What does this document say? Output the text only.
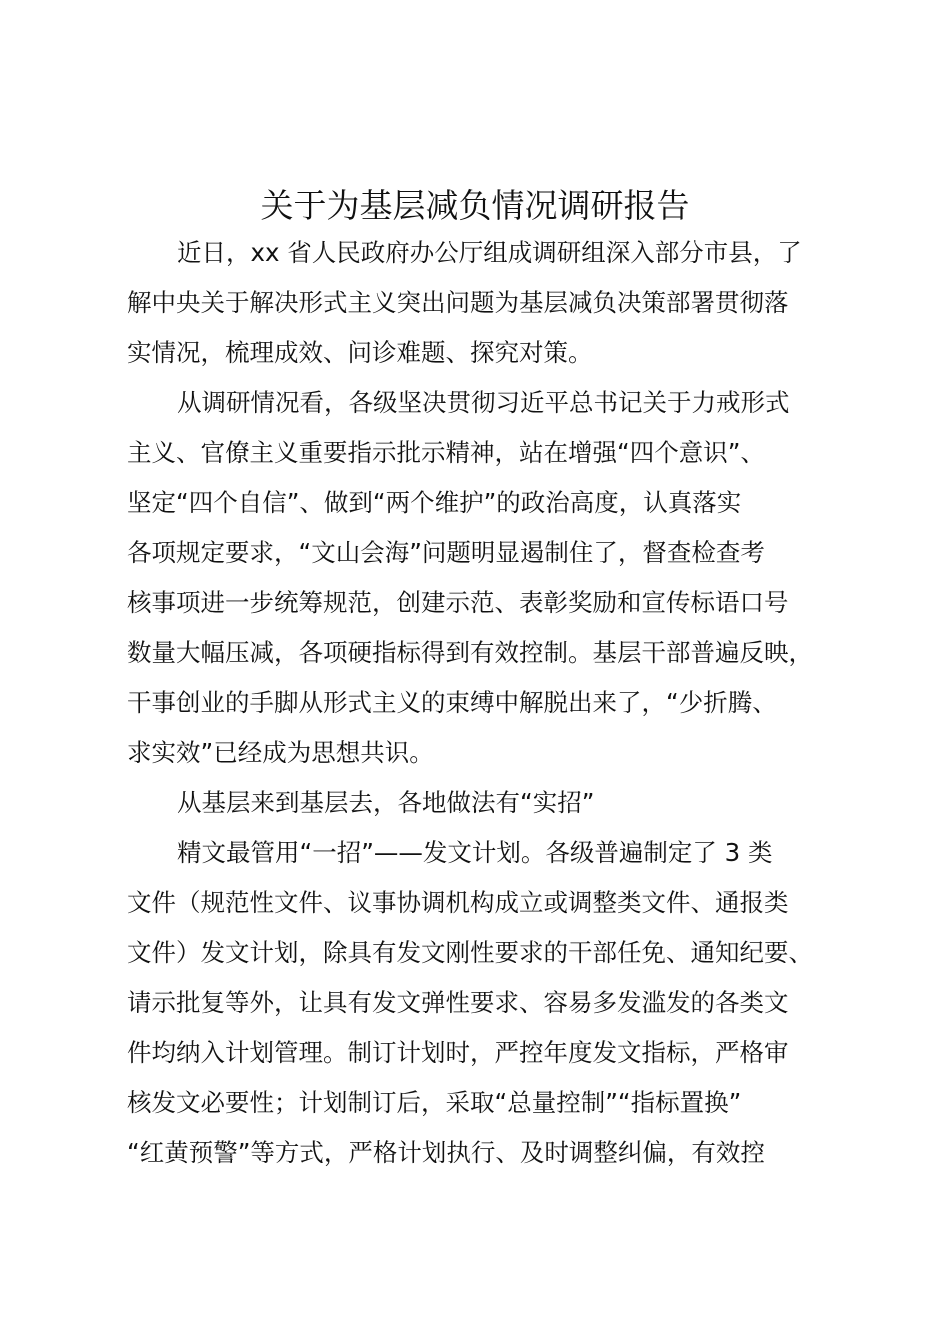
关于为基层减负情况调研报告
近日，xx 省人民政府办公厅组成调研组深入部分市县，了
解中央关于解决形式主义突出问题为基层减负决策部署贯彻落
实情况，梳理成效、问诊难题、探究对策。
从调研情况看，各级坚决贯彻习近平总书记关于力戒形式
主义、官僚主义重要指示批示精神，站在增强“四个意识”、
坚定“四个自信”、做到“两个维护”的政治高度，认真落实
各项规定要求，“文山会海”问题明显遏制住了，督查检查考
核事项进一步统筹规范，创建示范、表彰奖励和宣传标语口号
数量大幅压减，各项硬指标得到有效控制。基层干部普遍反映，
干事创业的手脚从形式主义的束缚中解脱出来了，“少折腾、
求实效”已经成为思想共识。
从基层来到基层去，各地做法有“实招”
精文最管用“一招”——发文计划。各级普遍制定了 3 类
文件（规范性文件、议事协调机构成立或调整类文件、通报类
文件）发文计划，除具有发文刚性要求的干部任免、通知纪要、
请示批复等外，让具有发文弹性要求、容易多发滥发的各类文
件均纳入计划管理。制订计划时，严控年度发文指标，严格审
核发文必要性；计划制订后，采取“总量控制”“指标置换”
“红黄预警”等方式，严格计划执行、及时调整纠偏，有效控
